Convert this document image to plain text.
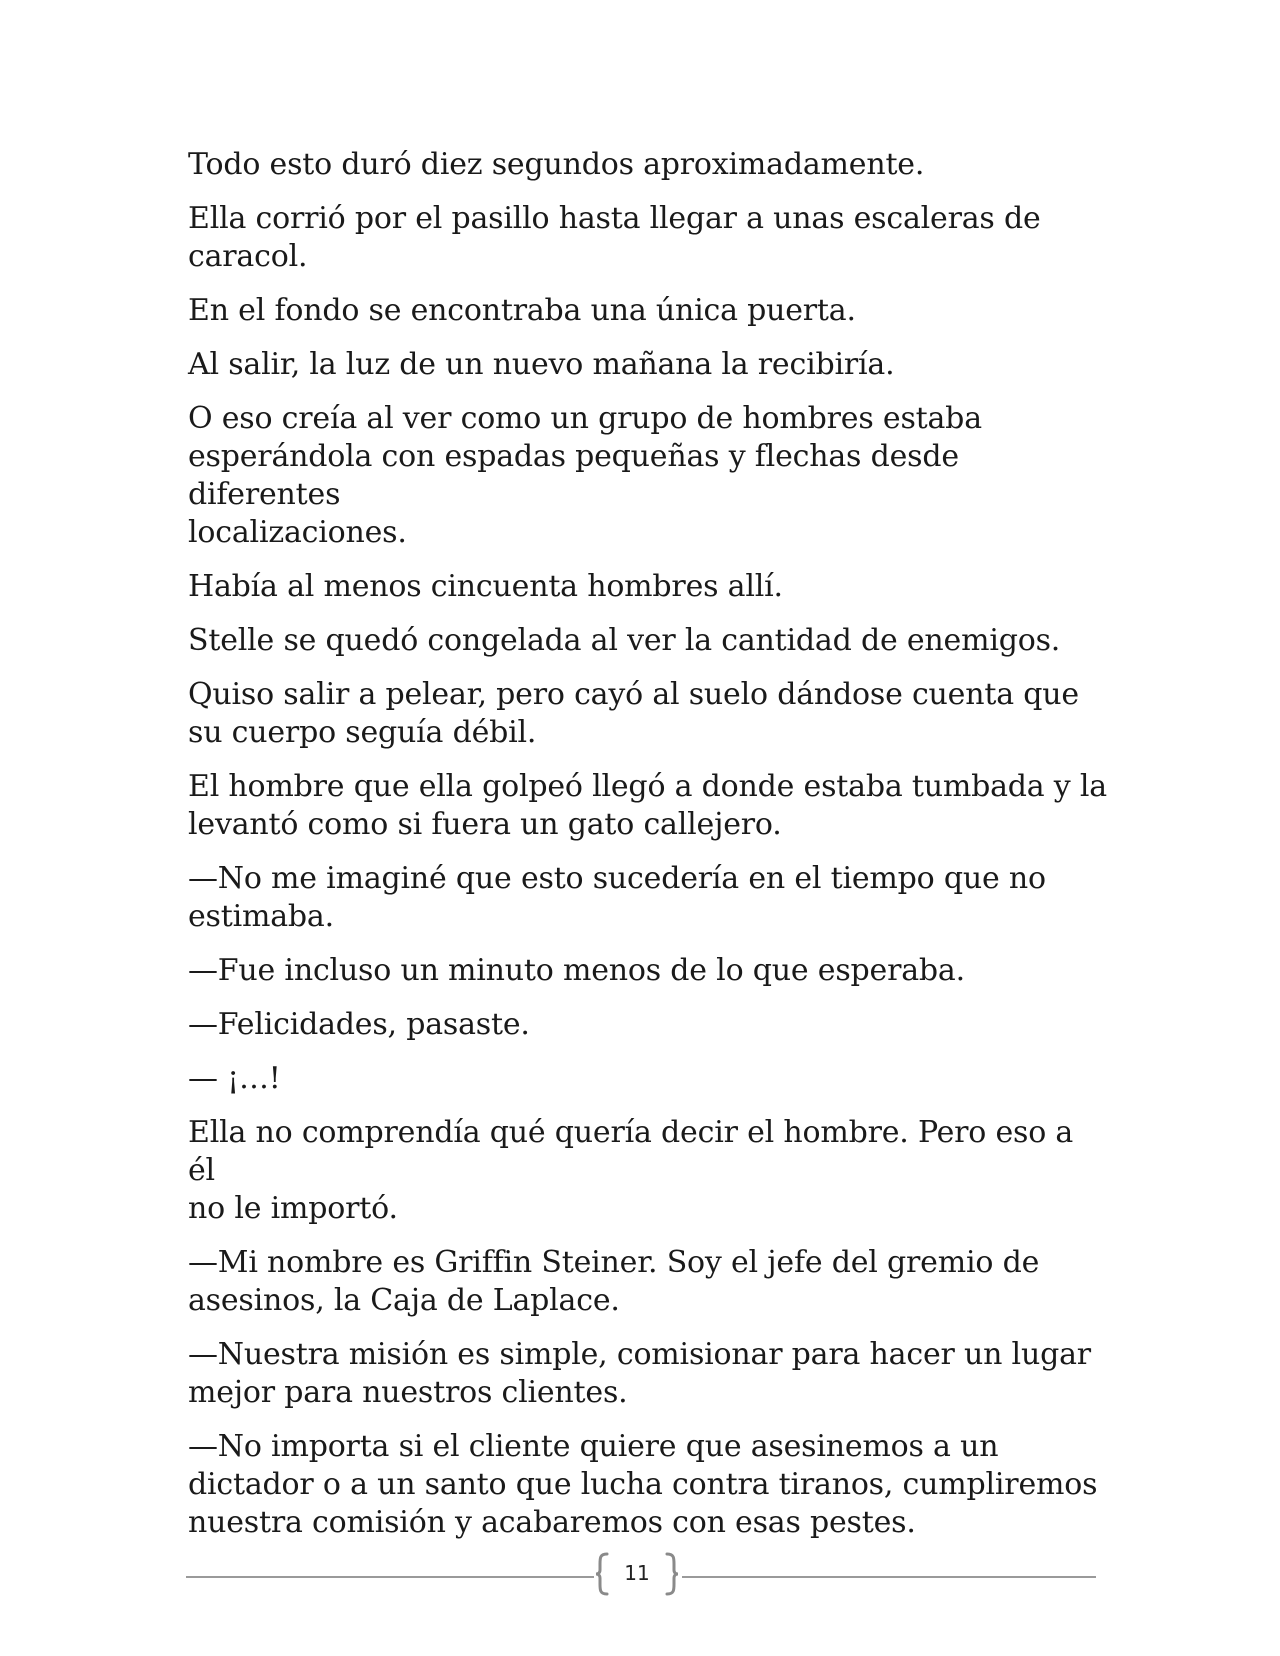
Todo esto duró diez segundos aproximadamente.

Ella corrió por el pasillo hasta llegar a unas escaleras de
caracol.

En el fondo se encontraba una única puerta.

Al salir, la luz de un nuevo mañana la recibiría.

O eso creía al ver como un grupo de hombres estaba
esperándola con espadas pequeñas y flechas desde diferentes
localizaciones.

Había al menos cincuenta hombres allí.

Stelle se quedó congelada al ver la cantidad de enemigos.

Quiso salir a pelear, pero cayó al suelo dándose cuenta que
su cuerpo seguía débil.

El hombre que ella golpeó llegó a donde estaba tumbada y la
levantó como si fuera un gato callejero.

—No me imaginé que esto sucedería en el tiempo que no
estimaba.

—Fue incluso un minuto menos de lo que esperaba.

—Felicidades, pasaste.

— ¡…!

Ella no comprendía qué quería decir el hombre. Pero eso a él
no le importó.

—Mi nombre es Griffin Steiner. Soy el jefe del gremio de
asesinos, la Caja de Laplace.

—Nuestra misión es simple, comisionar para hacer un lugar
mejor para nuestros clientes.

—No importa si el cliente quiere que asesinemos a un
dictador o a un santo que lucha contra tiranos, cumpliremos
nuestra comisión y acabaremos con esas pestes.

11
